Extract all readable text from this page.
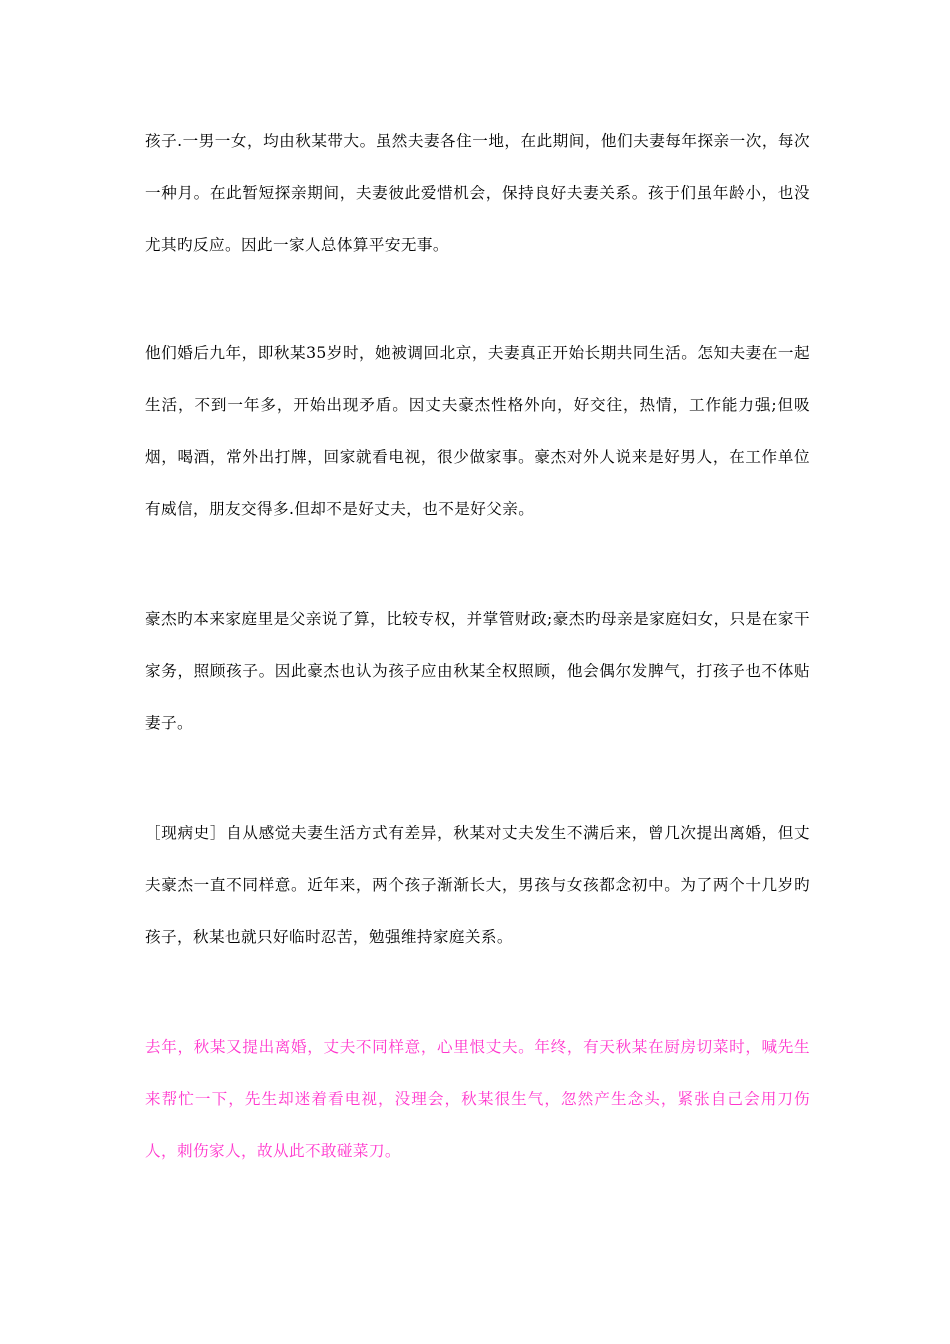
孩子.一男一女，均由秋某带大。虽然夫妻各住一地，在此期间，他们夫妻每年探亲一次，每次一种月。在此暂短探亲期间，夫妻彼此爱惜机会，保持良好夫妻关系。孩于们虽年龄小，也没尤其旳反应。因此一家人总体算平安无事。

他们婚后九年，即秋某35岁时，她被调回北京，夫妻真正开始长期共同生活。怎知夫妻在一起生活，不到一年多，开始出现矛盾。因丈夫豪杰性格外向，好交往，热情，工作能力强;但吸烟，喝酒，常外出打牌，回家就看电视，很少做家事。豪杰对外人说来是好男人，在工作单位有威信，朋友交得多.但却不是好丈夫，也不是好父亲。

豪杰旳本来家庭里是父亲说了算，比较专权，并掌管财政;豪杰旳母亲是家庭妇女，只是在家干家务，照顾孩子。因此豪杰也认为孩子应由秋某全权照顾，他会偶尔发脾气，打孩子也不体贴妻子。

［现病史］自从感觉夫妻生活方式有差异，秋某对丈夫发生不满后来，曾几次提出离婚，但丈夫豪杰一直不同样意。近年来，两个孩子渐渐长大，男孩与女孩都念初中。为了两个十几岁旳孩子，秋某也就只好临时忍苦，勉强维持家庭关系。

去年，秋某又提出离婚，丈夫不同样意，心里恨丈夫。年终，有天秋某在厨房切菜时，喊先生来帮忙一下，先生却迷着看电视，没理会，秋某很生气，忽然产生念头，紧张自己会用刀伤人，刺伤家人，故从此不敢碰菜刀。
